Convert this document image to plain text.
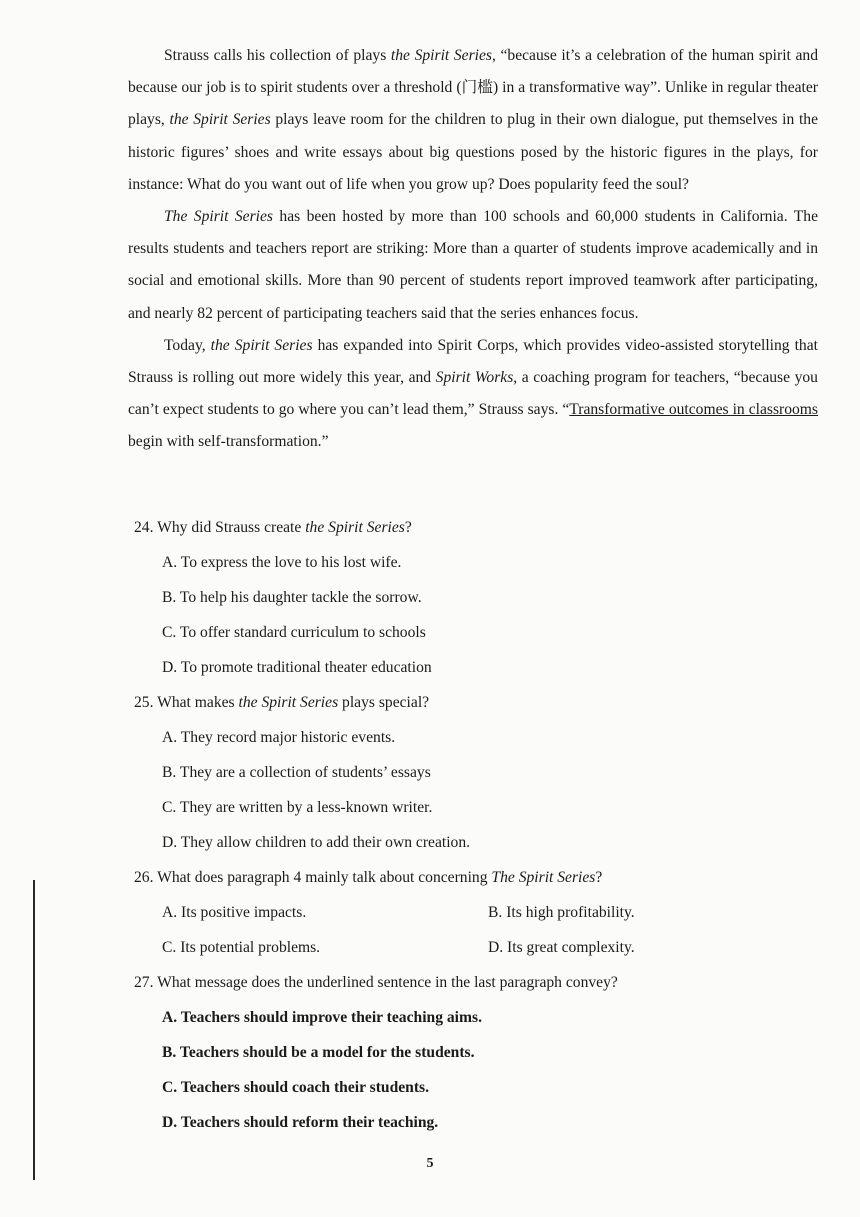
Strauss calls his collection of plays the Spirit Series, “because it’s a celebration of the human spirit and because our job is to spirit students over a threshold (门槛) in a transformative way”. Unlike in regular theater plays, the Spirit Series plays leave room for the children to plug in their own dialogue, put themselves in the historic figures’ shoes and write essays about big questions posed by the historic figures in the plays, for instance: What do you want out of life when you grow up? Does popularity feed the soul?

The Spirit Series has been hosted by more than 100 schools and 60,000 students in California. The results students and teachers report are striking: More than a quarter of students improve academically and in social and emotional skills. More than 90 percent of students report improved teamwork after participating, and nearly 82 percent of participating teachers said that the series enhances focus.

Today, the Spirit Series has expanded into Spirit Corps, which provides video-assisted storytelling that Strauss is rolling out more widely this year, and Spirit Works, a coaching program for teachers, “because you can’t expect students to go where you can’t lead them,” Strauss says. “Transformative outcomes in classrooms begin with self-transformation.”

24. Why did Strauss create the Spirit Series?

A. To express the love to his lost wife.

B. To help his daughter tackle the sorrow.

C. To offer standard curriculum to schools

D. To promote traditional theater education

25. What makes the Spirit Series plays special?

A. They record major historic events.

B. They are a collection of students’ essays

C. They are written by a less-known writer.

D. They allow children to add their own creation.

26. What does paragraph 4 mainly talk about concerning The Spirit Series?

A. Its positive impacts.	B. Its high profitability.
C. Its potential problems.	D. Its great complexity.

27. What message does the underlined sentence in the last paragraph convey?

A. Teachers should improve their teaching aims.

B. Teachers should be a model for the students.

C. Teachers should coach their students.

D. Teachers should reform their teaching.

5
